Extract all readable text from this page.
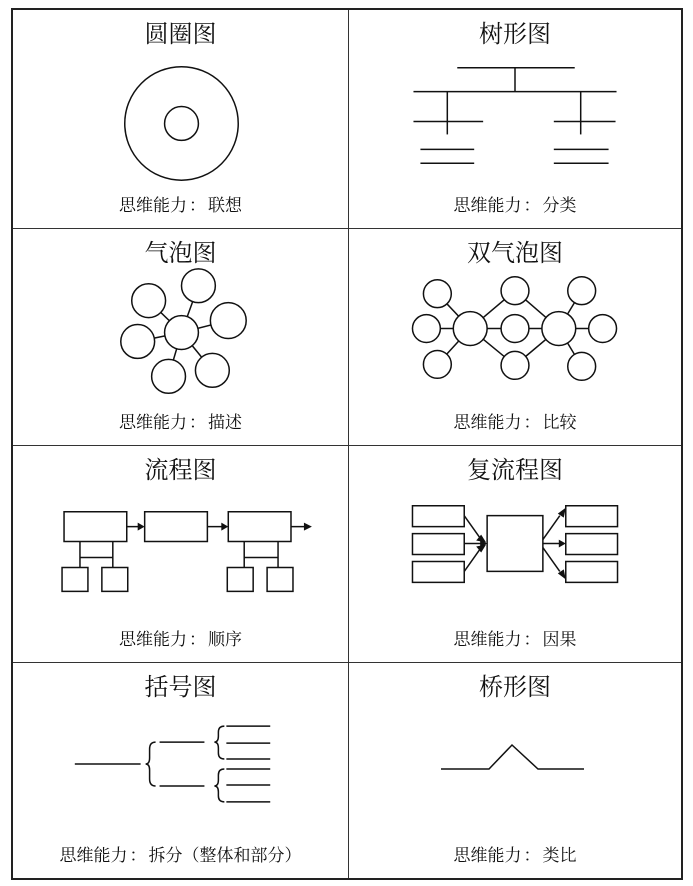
圆圈图
思维能力 ： 联想
树形图
思维能力 ： 分类
气泡图
思维能力 ： 描述
双气泡图
思维能力 ： 比较
流程图
思维能力 ： 顺序
复流程图
思维能力 ： 因果
括号图
思维能力 ： 拆分（整体和部分）
桥形图
思维能力 ： 类比
